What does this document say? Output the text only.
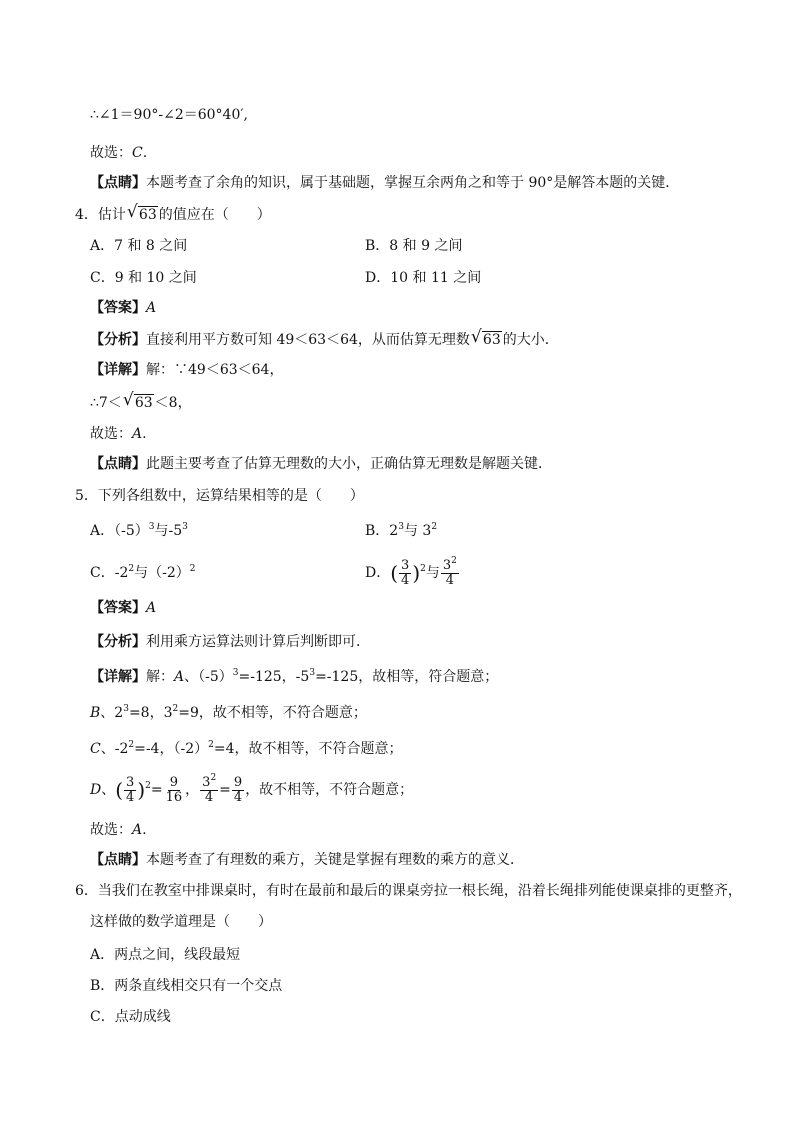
∴∠1＝90°-∠2＝60°40′,
故选：C.
【点睛】本题考查了余角的知识，属于基础题，掌握互余两角之和等于 90°是解答本题的关键．
4．估计 √ 63 的值应在（　　）
A．7 和 8 之间	B．8 和 9 之间
C．9 和 10 之间	D．10 和 11 之间
【答案】A
【分析】直接利用平方数可知 49＜63＜64，从而估算无理数 √ 63 的大小．
【详解】解：∵49＜63＜64，
∴7＜ √ 63 ＜8，
故选：A.
【点睛】此题主要考查了估算无理数的大小，正确估算无理数是解题关键．
5．下列各组数中，运算结果相等的是（　　）
A．$(-5)^3$与$-5^3$	B．$2^3$与 $3^2$
C．$-2^2$与$(-2)^2$	D．( $\frac{3}{4} )^2$与 $\frac{3^2}{4}$
【答案】A
【分析】利用乘方运算法则计算后判断即可．
【详解】解：A、$(-5)^3=-125$，$-5^3=-125$，故相等，符合题意；
B、$2^3=8$，$3^2=9$，故不相等，不符合题意；
C、$-2^2=-4$，$(-2)^2=4$，故不相等，不符合题意；
D、( $\frac{3}{4} )^2= \frac{9}{16}$ ， $\frac{3^2}{4} = \frac{9}{4}$ ，故不相等，不符合题意；
故选：A.
【点睛】本题考查了有理数的乘方，关键是掌握有理数的乘方的意义．
6．当我们在教室中排课桌时，有时在最前和最后的课桌旁拉一根长绳，沿着长绳排列能使课桌排的更整齐，
这样做的数学道理是（　　）
A．两点之间，线段最短
B．两条直线相交只有一个交点
C．点动成线
